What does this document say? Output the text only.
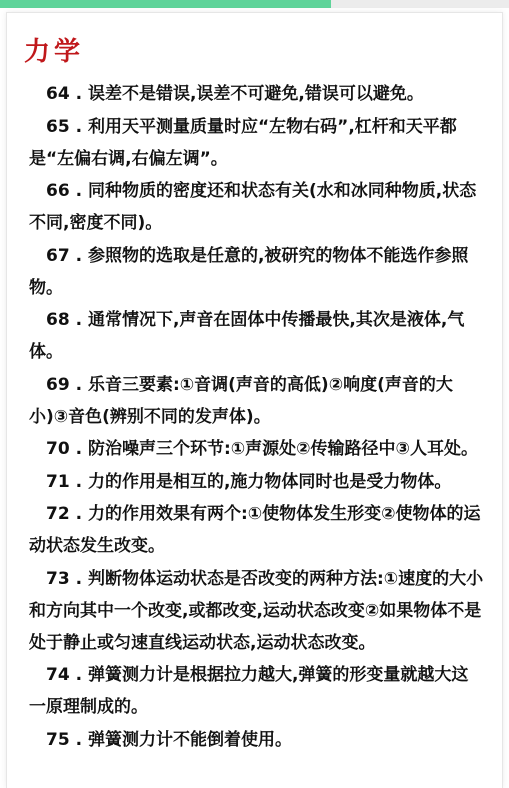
力学
64 . 误差不是错误,误差不可避免,错误可以避免。
65 . 利用天平测量质量时应“左物右码”,杠杆和天平都是“左偏右调,右偏左调”。
66 . 同种物质的密度还和状态有关(水和冰同种物质,状态不同,密度不同)。
67 . 参照物的选取是任意的,被研究的物体不能选作参照物。
68 . 通常情况下,声音在固体中传播最快,其次是液体,气体。
69 . 乐音三要素:①音调(声音的高低)②响度(声音的大小)③音色(辨别不同的发声体)。
70 . 防治噪声三个环节:①声源处②传输路径中③人耳处。
71 . 力的作用是相互的,施力物体同时也是受力物体。
72 . 力的作用效果有两个:①使物体发生形变②使物体的运动状态发生改变。
73 . 判断物体运动状态是否改变的两种方法:①速度的大小和方向其中一个改变,或都改变,运动状态改变②如果物体不是处于静止或匀速直线运动状态,运动状态改变。
74 . 弹簧测力计是根据拉力越大,弹簧的形变量就越大这一原理制成的。
75 . 弹簧测力计不能倒着使用。
